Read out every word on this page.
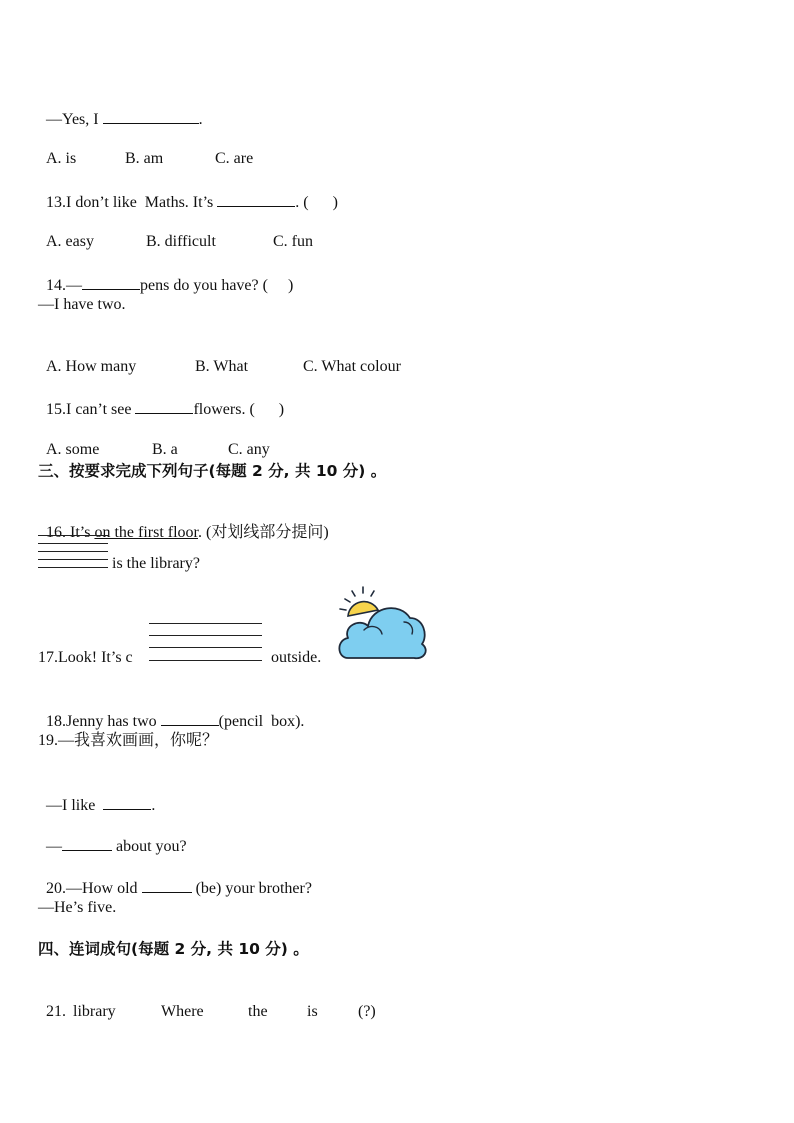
—Yes, I	.

A. is	B. am	C. are

13.I don’t like  Maths. It’s	. (      )

A. easy	B. difficult	C. fun

14.—	pens do you have? (     )

—I have two.

A. How many	B. What	C. What colour

15.I can’t see	flowers. (      )

A. some	B. a	C. any

三、按要求完成下列句子(每题 2 分, 共 10 分) 。

16. It’s on the first floor. (对划线部分提问)

is the library?
17.Look! It’s c	outside.

18.Jenny has two	(pencil  box).

19.—我喜欢画画，你呢？

—I like	.

—	about you?

20.—How old	(be) your brother?

—He’s five.
四、连词成句(每题 2 分, 共 10 分) 。

21. library	Where	the is	(?)
